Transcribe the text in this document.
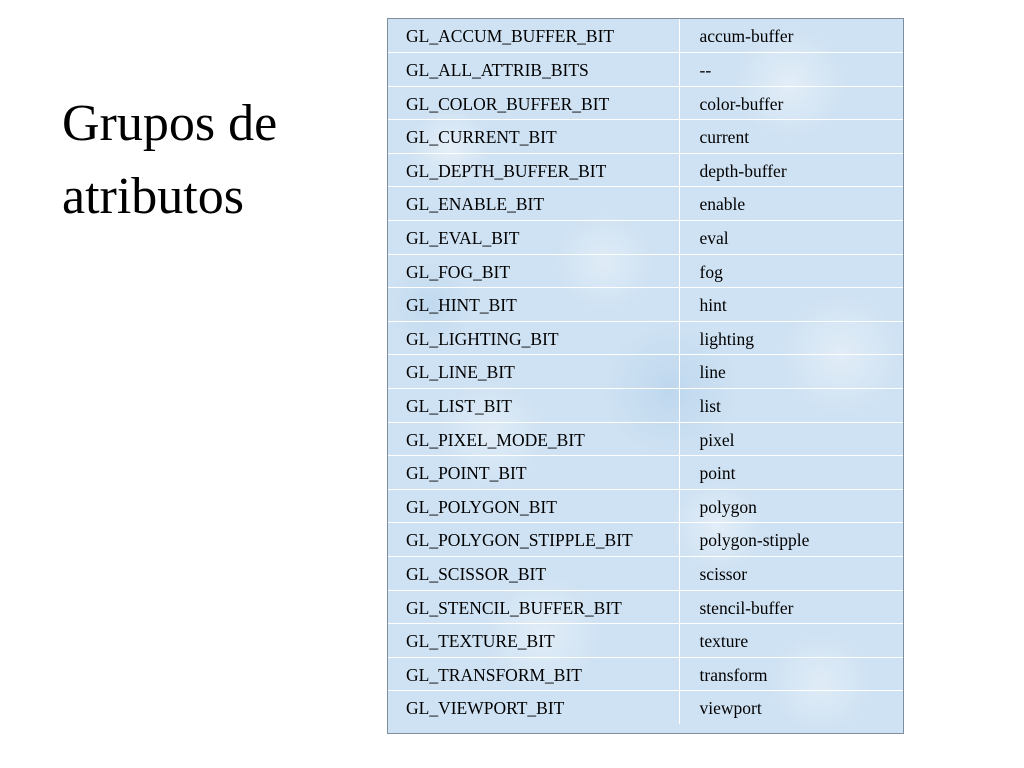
Grupos de
atributos
GL_ACCUM_BUFFER_BIT	accum-buffer
GL_ALL_ATTRIB_BITS	--
GL_COLOR_BUFFER_BIT	color-buffer
GL_CURRENT_BIT	current
GL_DEPTH_BUFFER_BIT	depth-buffer
GL_ENABLE_BIT	enable
GL_EVAL_BIT	eval
GL_FOG_BIT	fog
GL_HINT_BIT	hint
GL_LIGHTING_BIT	lighting
GL_LINE_BIT	line
GL_LIST_BIT	list
GL_PIXEL_MODE_BIT	pixel
GL_POINT_BIT	point
GL_POLYGON_BIT	polygon
GL_POLYGON_STIPPLE_BIT	polygon-stipple
GL_SCISSOR_BIT	scissor
GL_STENCIL_BUFFER_BIT	stencil-buffer
GL_TEXTURE_BIT	texture
GL_TRANSFORM_BIT	transform
GL_VIEWPORT_BIT	viewport
